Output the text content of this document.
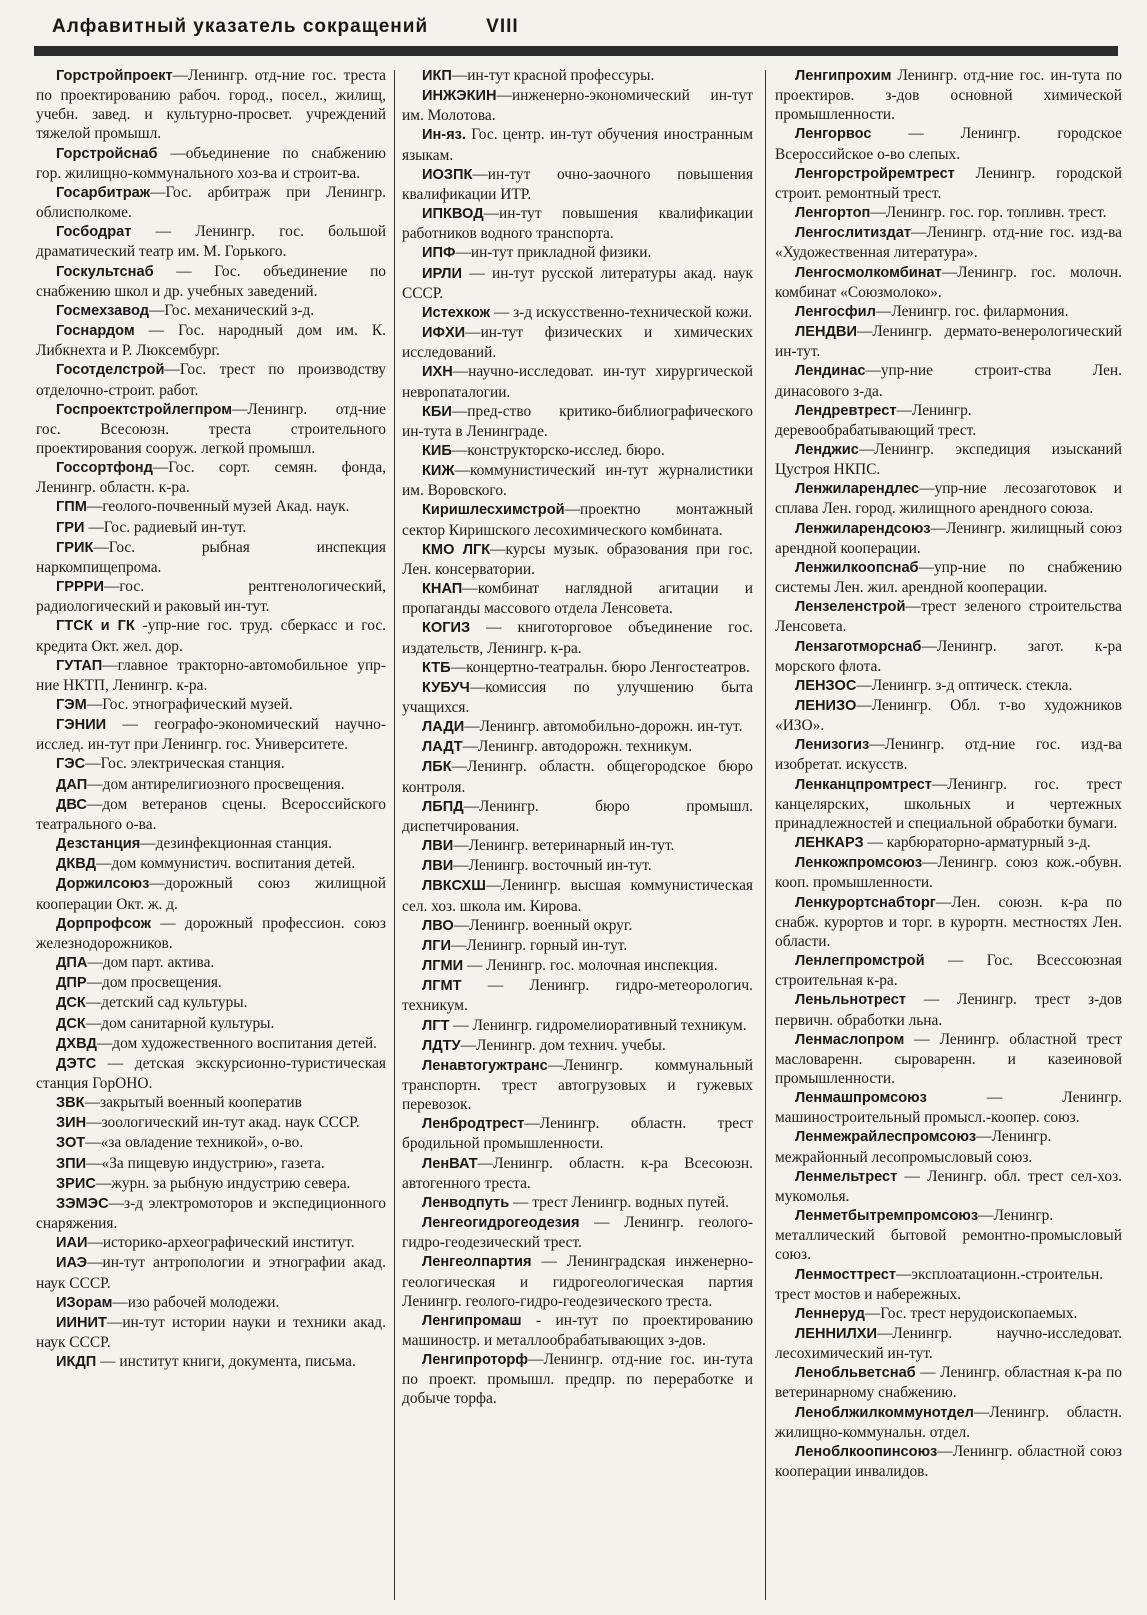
Алфавитный указатель сокращений	VIII

Горстройпроект—Ленингр. отд-ние гос. треста по проектированию рабоч. город., посел., жилищ, учебн. завед. и культурно-просвет. учреждений тяжелой промышл.

Горстройснаб —объединение по снабжению гор. жилищно-коммунального хоз-ва и строит-ва.

Госарбитраж—Гос. арбитраж при Ленингр. облисполкоме.

Госбодрат — Ленингр. гос. большой драматический театр им. М. Горького.

Госкультснаб — Гос. объединение по снабжению школ и др. учебных заведений.

Госмехзавод—Гос. механический з-д.

Госнардом — Гос. народный дом им. К. Либкнехта и Р. Люксембург.

Госотделстрой—Гос. трест по производству отделочно-строит. работ.

Госпроектстройлегпром—Ленингр. отд-ние гос. Всесоюзн. треста строительного проектирования сооруж. легкой промышл.

Госсортфонд—Гос. сорт. семян. фонда, Ленингр. областн. к-ра.

ГПМ—геолого-почвенный музей Акад. наук.

ГРИ —Гос. радиевый ин-тут.

ГРИК—Гос. рыбная инспекция наркомпищепрома.

ГРРРИ—гос. рентгенологический, радиологический и раковый ин-тут.

ГТСК и ГК -упр-ние гос. труд. сберкасс и гос. кредита Окт. жел. дор.

ГУТАП—главное тракторно-автомобильное упр-ние НКТП, Ленингр. к-ра.

ГЭМ—Гос. этнографический музей.

ГЭНИИ — географо-экономический научно-исслед. ин-тут при Ленингр. гос. Университете.

ГЭС—Гос. электрическая станция.

ДАП—дом антирелигиозного просвещения.

ДВС—дом ветеранов сцены. Всероссийского театрального о-ва.

Дезстанция—дезинфекционная станция.

ДКВД—дом коммунистич. воспитания детей.

Доржилсоюз—дорожный союз жилищной кооперации Окт. ж. д.

Дорпрофсож — дорожный профессион. союз железнодорожников.

ДПА—дом парт. актива.

ДПР—дом просвещения.

ДСК—детский сад культуры.

ДСК—дом санитарной культуры.

ДХВД—дом художественного воспитания детей.

ДЭТС — детская экскурсионно-туристическая станция ГорОНО.

ЗВК—закрытый военный кооператив

ЗИН—зоологический ин-тут акад. наук СССР.

ЗОТ—«за овладение техникой», о-во.

ЗПИ—«За пищевую индустрию», газета.

ЗРИС—журн. за рыбную индустрию севера.

ЗЭМЭС—з-д электромоторов и экспедиционного снаряжения.

ИАИ—историко-археографический институт.

ИАЭ—ин-тут антропологии и этнографии акад. наук СССР.

ИЗорам—изо рабочей молодежи.

ИИНИТ—ин-тут истории науки и техники акад. наук СССР.

ИКДП — институт книги, документа, письма.

ИКП—ин-тут красной профессуры.

ИНЖЭКИН—инженерно-экономический ин-тут им. Молотова.

Ин-яз. Гос. центр. ин-тут обучения иностранным языкам.

ИОЗПК—ин-тут очно-заочного повышения квалификации ИТР.

ИПКВОД—ин-тут повышения квалификации работников водного транспорта.

ИПФ—ин-тут прикладной физики.

ИРЛИ — ин-тут русской литературы акад. наук СССР.

Истехкож — з-д искусственно-технической кожи.

ИФХИ—ин-тут физических и химических исследований.

ИХН—научно-исследоват. ин-тут хирургической невропаталогии.

КБИ—пред-ство критико-библиографического ин-тута в Ленинграде.

КИБ—конструкторско-исслед. бюро.

КИЖ—коммунистический ин-тут журналистики им. Воровского.

Киришлесхимстрой—проектно монтажный сектор Киришского лесохимического комбината.

КМО ЛГК—курсы музык. образования при гос. Лен. консерватории.

КНАП—комбинат наглядной агитации и пропаганды массового отдела Ленсовета.

КОГИЗ — книготорговое объединение гос. издательств, Ленингр. к-ра.

КТБ—концертно-театральн. бюро Ленгостеатров.

КУБУЧ—комиссия по улучшению быта учащихся.

ЛАДИ—Ленингр. автомобильно-дорожн. ин-тут.

ЛАДТ—Ленингр. автодорожн. техникум.

ЛБК—Ленингр. областн. общегородское бюро контроля.

ЛБПД—Ленингр. бюро промышл. диспетчирования.

ЛВИ—Ленингр. ветеринарный ин-тут.

ЛВИ—Ленингр. восточный ин-тут.

ЛВКСХШ—Ленингр. высшая коммунистическая сел. хоз. школа им. Кирова.

ЛВО—Ленингр. военный округ.

ЛГИ—Ленингр. горный ин-тут.

ЛГМИ — Ленингр. гос. молочная инспекция.

ЛГМТ — Ленингр. гидро-метеорологич. техникум.

ЛГТ — Ленингр. гидромелиоративный техникум.

ЛДТУ—Ленингр. дом технич. учебы.

Ленавтогужтранс—Ленингр. коммунальный транспортн. трест автогрузовых и гужевых перевозок.

Ленбродтрест—Ленингр. областн. трест бродильной промышленности.

ЛенВАТ—Ленингр. областн. к-ра Всесоюзн. автогенного треста.

Ленводпуть — трест Ленингр. водных путей.

Ленгеогидрогеодезия — Ленингр. геолого-гидро-геодезический трест.

Ленгеолпартия — Ленинградская инженерно-геологическая и гидрогеологическая партия Ленингр. геолого-гидро-геодезического треста.

Ленгипромаш - ин-тут по проектированию машиностр. и металлообрабатывающих з-дов.

Ленгипроторф—Ленингр. отд-ние гос. ин-тута по проект. промышл. предпр. по переработке и добыче торфа.

Ленгипрохим Ленингр. отд-ние гос. ин-тута по проектиров. з-дов основной химической промышленности.

Ленгорвос — Ленингр. городское Всероссийское о-во слепых.

Ленгорстройремтрест Ленингр. городской строит. ремонтный трест.

Ленгортоп—Ленингр. гос. гор. топливн. трест.

Ленгослитиздат—Ленингр. отд-ние гос. изд-ва «Художественная литература».

Ленгосмолкомбинат—Ленингр. гос. молочн. комбинат «Союзмолоко».

Ленгосфил—Ленингр. гос. филармония.

ЛЕНДВИ—Ленингр. дермато-венерологический ин-тут.

Лендинас—упр-ние строит-ства Лен. динасового з-да.

Лендревтрест—Ленингр. деревообрабатывающий трест.

Ленджис—Ленингр. экспедиция изысканий Цустроя НКПС.

Ленжиларендлес—упр-ние лесозаготовок и сплава Лен. город. жилищного арендного союза.

Ленжиларендсоюз—Ленингр. жилищный союз арендной кооперации.

Ленжилкоопснаб—упр-ние по снабжению системы Лен. жил. арендной кооперации.

Лензеленстрой—трест зеленого строительства Ленсовета.

Лензаготморснаб—Ленингр. загот. к-ра морского флота.

ЛЕНЗОС—Ленингр. з-д оптическ. стекла.

ЛЕНИЗО—Ленингр. Обл. т-во художников «ИЗО».

Ленизогиз—Ленингр. отд-ние гос. изд-ва изобретат. искусств.

Ленканцпромтрест—Ленингр. гос. трест канцелярских, школьных и чертежных принадлежностей и специальной обработки бумаги.

ЛЕНКАРЗ — карбюраторно-арматурный з-д.

Ленкожпромсоюз—Ленингр. союз кож.-обувн. кооп. промышленности.

Ленкурортснабторг—Лен. союзн. к-ра по снабж. курортов и торг. в курортн. местностях Лен. области.

Ленлегпромстрой — Гос. Всессоюзная строительная к-ра.

Леньльнотрест — Ленингр. трест з-дов первичн. обработки льна.

Ленмаслопром — Ленингр. областной трест масловаренн. сыроваренн. и казеиновой промышленности.

Ленмашпромсоюз — Ленингр. машиностроительный промысл.-коопер. союз.

Ленмежрайлеспромсоюз—Ленингр. межрайонный лесопромысловый союз.

Ленмельтрест — Ленингр. обл. трест сел-хоз. мукомолья.

Ленметбытремпромсоюз—Ленингр. металлический бытовой ремонтно-промысловый союз.

Ленмосттрест—эксплоатационн.-строительн. трест мостов и набережных.

Леннеруд—Гос. трест нерудоископаемых.

ЛЕННИЛХИ—Ленингр. научно-исследоват. лесохимический ин-тут.

Ленобльветснаб — Ленингр. областная к-ра по ветеринарному снабжению.

Леноблжилкоммунотдел—Ленингр. областн. жилищно-коммунальн. отдел.

Леноблкоопинсоюз—Ленингр. областной союз кооперации инвалидов.
